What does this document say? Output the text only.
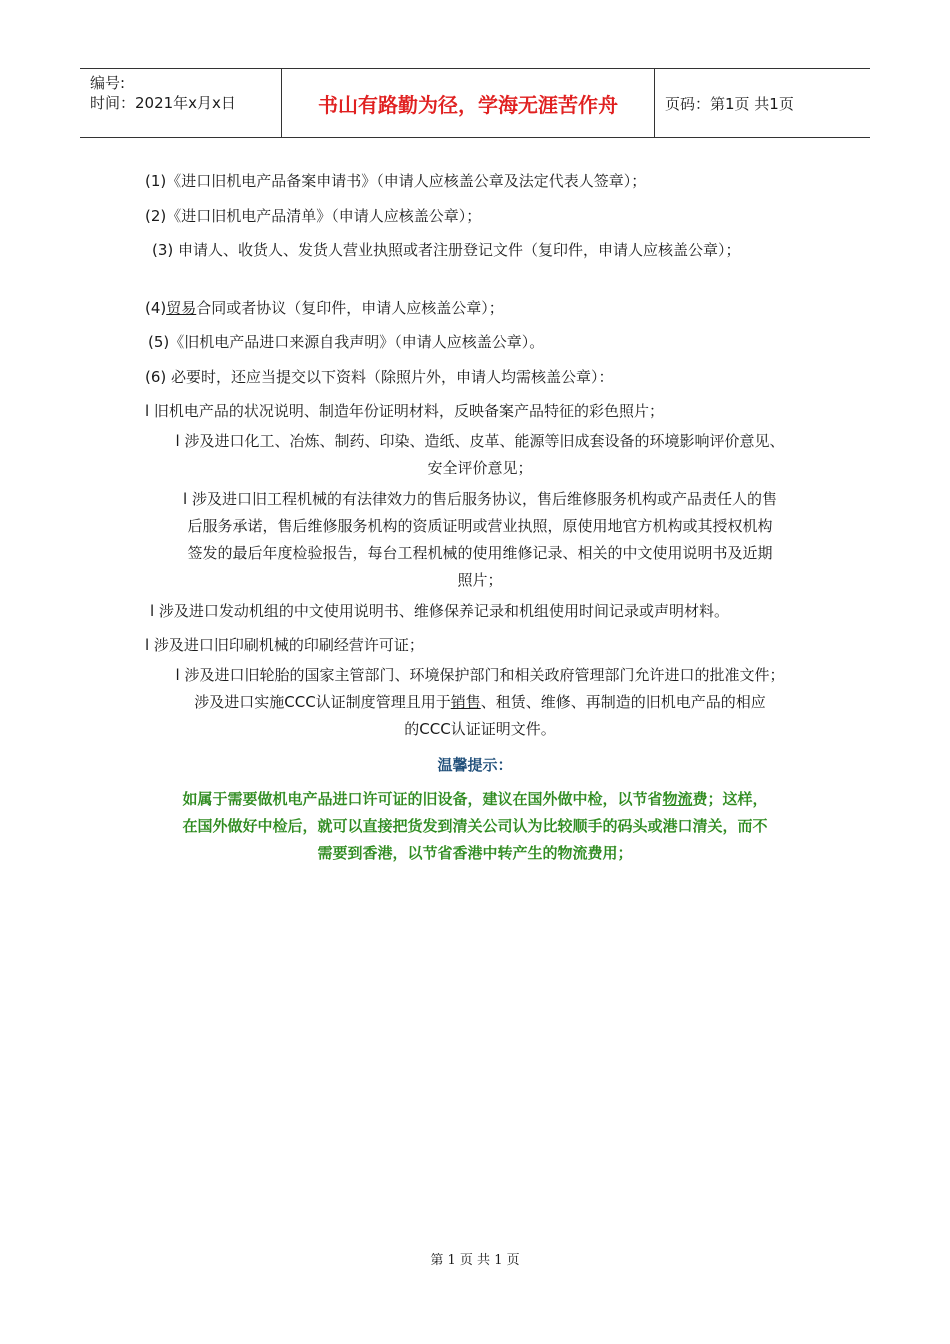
编号:
时间：2021年x月x日	书山有路勤为径，学海无涯苦作舟	页码：第1页 共1页
(1)《进口旧机电产品备案申请书》（申请人应核盖公章及法定代表人签章）；
(2)《进口旧机电产品清单》（申请人应核盖公章）；
(3) 申请人、收货人、发货人营业执照或者注册登记文件（复印件，申请人应核盖公章）；
(4)贸易合同或者协议（复印件，申请人应核盖公章）；
(5)《旧机电产品进口来源自我声明》（申请人应核盖公章）。
(6) 必要时，还应当提交以下资料（除照片外，申请人均需核盖公章）：
l 旧机电产品的状况说明、制造年份证明材料，反映备案产品特征的彩色照片；
l 涉及进口化工、冶炼、制药、印染、造纸、皮革、能源等旧成套设备的环境影响评价意见、
安全评价意见；
l 涉及进口旧工程机械的有法律效力的售后服务协议，售后维修服务机构或产品责任人的售
后服务承诺，售后维修服务机构的资质证明或营业执照，原使用地官方机构或其授权机构
签发的最后年度检验报告，每台工程机械的使用维修记录、相关的中文使用说明书及近期
照片；
l 涉及进口发动机组的中文使用说明书、维修保养记录和机组使用时间记录或声明材料。
l 涉及进口旧印刷机械的印刷经营许可证；
l 涉及进口旧轮胎的国家主管部门、环境保护部门和相关政府管理部门允许进口的批准文件；
涉及进口实施CCC认证制度管理且用于销售、租赁、维修、再制造的旧机电产品的相应
的CCC认证证明文件。
温馨提示：
如属于需要做机电产品进口许可证的旧设备，建议在国外做中检，以节省物流费；这样，
在国外做好中检后，就可以直接把货发到清关公司认为比较顺手的码头或港口清关，而不
需要到香港，以节省香港中转产生的物流费用；
第 1 页 共 1 页
